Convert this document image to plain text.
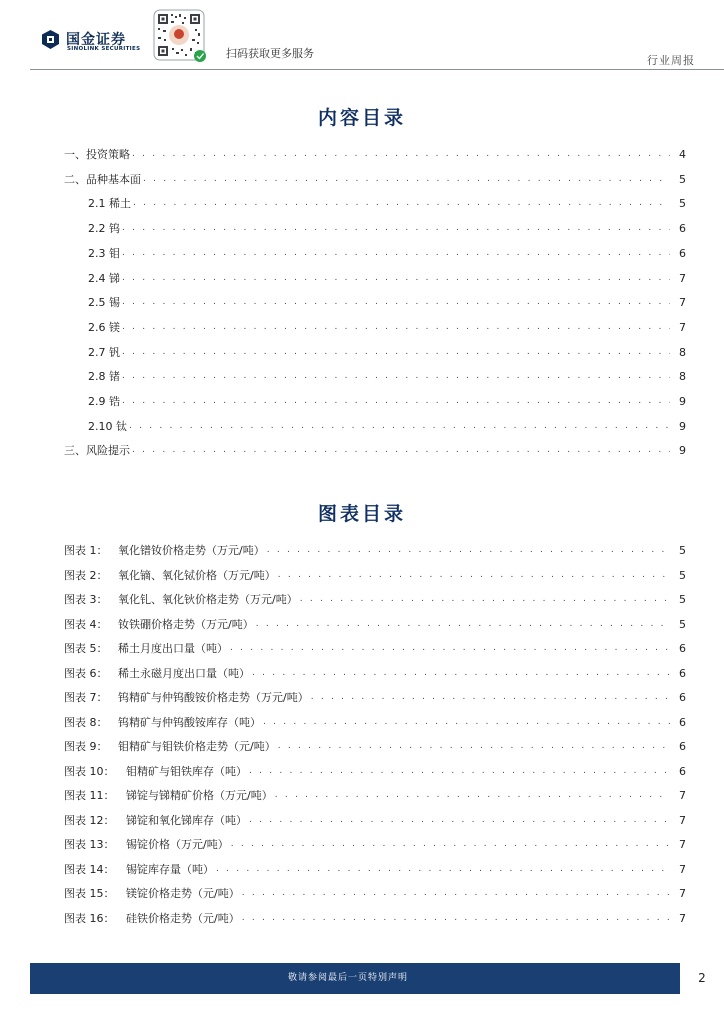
国金证券
SINOLINK SECURITIES	扫码获取更多服务
行业周报
内容目录
一、投资策略 . . .	4
二、品种基本面 . . .	5
2.1 稀土 . . .	5
2.2 钨 . . .	6
2.3 钼 . . .	6
2.4 锑 . . .	7
2.5 锡 . . .	7
2.6 镁 . . .	7
2.7 钒 . . .	8
2.8 锗 . . .	8
2.9 锆 . . .	9
2.10 钛 . . .	9
三、风险提示 . . .	9
图表目录
图表 1： 氧化镨钕价格走势（万元/吨） . . .	5
图表 2： 氧化镝、氧化铽价格（万元/吨） . . .	5
图表 3： 氧化钆、氧化钬价格走势（万元/吨） . . .	5
图表 4： 钕铁硼价格走势（万元/吨） . . .	5
图表 5： 稀土月度出口量（吨） . . .	6
图表 6： 稀土永磁月度出口量（吨） . . .	6
图表 7： 钨精矿与仲钨酸铵价格走势（万元/吨） . . .	6
图表 8： 钨精矿与仲钨酸铵库存（吨） . . .	6
图表 9： 钼精矿与钼铁价格走势（元/吨） . . .	6
图表 10：	钼精矿与钼铁库存（吨） . . .	6
图表 11：	锑锭与锑精矿价格（万元/吨） . . .	7
图表 12：	锑锭和氧化锑库存（吨） . . .	7
图表 13：	锡锭价格（万元/吨） . . .	7
图表 14：	锡锭库存量（吨） . . .	7
图表 15：	镁锭价格走势（元/吨） . . .	7
图表 16：	硅铁价格走势（元/吨） . . .	7
敬请参阅最后一页特别声明	2
